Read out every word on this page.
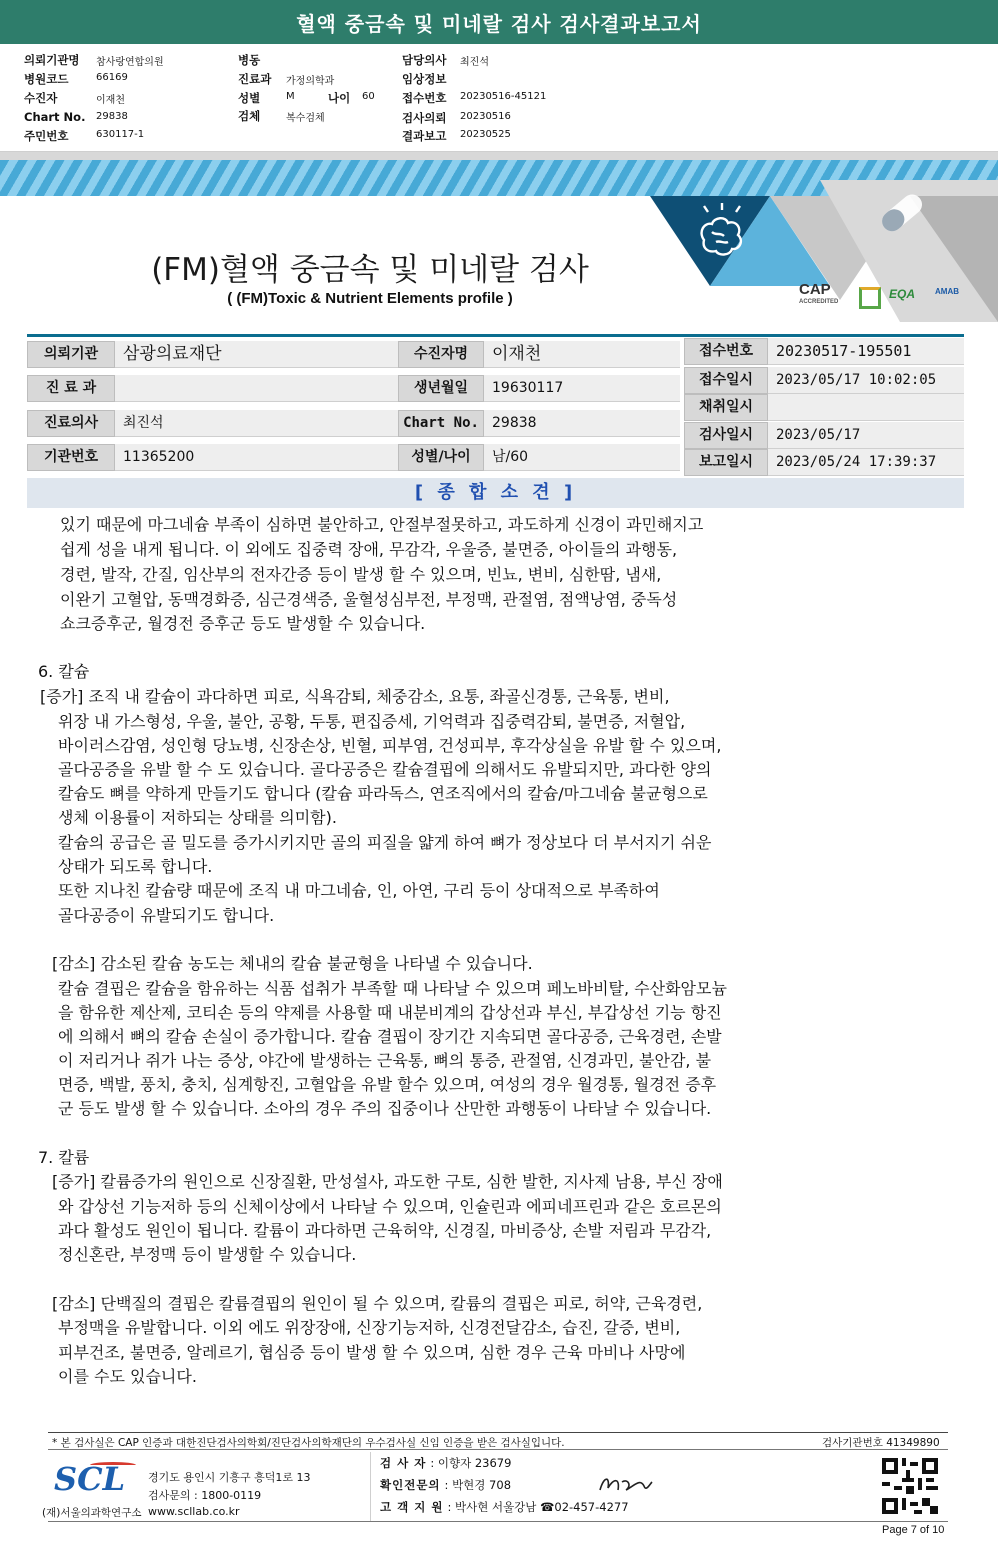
혈액 중금속 및 미네랄 검사 검사결과보고서
의뢰기관명 참사랑연합의원
병원코드	66169
수진자	이재천
Chart No. 29838
주민번호	630117-1
병동
진료과 가정의학과
성별	M	나이 60
검체	복수검체
담당의사 최진석
임상정보
접수번호 20230516-45121
검사의뢰 20230516
결과보고 20230525
(FM)혈액 중금속 및 미네랄 검사
( (FM)Toxic & Nutrient Elements profile )
CAP
ACCREDITED
EQA AMAB
의뢰기관	삼광의료재단
진 료 과
진료의사	최진석
기관번호	11365200
수진자명	이재천
생년월일	19630117
Chart No. 29838
성별/나이	남/60
접수번호	20230517-195501
접수일시	2023/05/17 10:02:05
채취일시
검사일시	2023/05/17
보고일시	2023/05/24 17:39:37
[ 종 합 소 견 ]
있기 때문에 마그네슘 부족이 심하면 불안하고, 안절부절못하고, 과도하게 신경이 과민해지고
쉽게 성을 내게 됩니다. 이 외에도 집중력 장애, 무감각, 우울증, 불면증, 아이들의 과행동,
경련, 발작, 간질, 임산부의 전자간증 등이 발생 할 수 있으며, 빈뇨, 변비, 심한땀, 냄새,
이완기 고혈압, 동맥경화증, 심근경색증, 울혈성심부전, 부정맥, 관절염, 점액낭염, 중독성
쇼크증후군, 월경전 증후군 등도 발생할 수 있습니다.
6. 칼슘
[증가] 조직 내 칼슘이 과다하면 피로, 식욕감퇴, 체중감소, 요통, 좌골신경통, 근육통, 변비,
위장 내 가스형성, 우울, 불안, 공황, 두통, 편집증세, 기억력과 집중력감퇴, 불면증, 저혈압,
바이러스감염, 성인형 당뇨병, 신장손상, 빈혈, 피부염, 건성피부, 후각상실을 유발 할 수 있으며,
골다공증을 유발 할 수 도 있습니다. 골다공증은 칼슘결핍에 의해서도 유발되지만, 과다한 양의
칼슘도 뼈를 약하게 만들기도 합니다 (칼슘 파라독스, 연조직에서의 칼슘/마그네슘 불균형으로
생체 이용률이 저하되는 상태를 의미함).
칼슘의 공급은 골 밀도를 증가시키지만 골의 피질을 얇게 하여 뼈가 정상보다 더 부서지기 쉬운
상태가 되도록 합니다.
또한 지나친 칼슘량 때문에 조직 내 마그네슘, 인, 아연, 구리 등이 상대적으로 부족하여
골다공증이 유발되기도 합니다.
[감소] 감소된 칼슘 농도는 체내의 칼슘 불균형을 나타낼 수 있습니다.
칼슘 결핍은 칼슘을 함유하는 식품 섭취가 부족할 때 나타날 수 있으며 페노바비탈, 수산화암모늄
을 함유한 제산제, 코티손 등의 약제를 사용할 때 내분비계의 갑상선과 부신, 부갑상선 기능 항진
에 의해서 뼈의 칼슘 손실이 증가합니다. 칼슘 결핍이 장기간 지속되면 골다공증, 근육경련, 손발
이 저리거나 쥐가 나는 증상, 야간에 발생하는 근육통, 뼈의 통증, 관절염, 신경과민, 불안감, 불
면증, 백발, 풍치, 충치, 심계항진, 고혈압을 유발 할수 있으며, 여성의 경우 월경통, 월경전 증후
군 등도 발생 할 수 있습니다. 소아의 경우 주의 집중이나 산만한 과행동이 나타날 수 있습니다.
7. 칼륨
[증가] 칼륨증가의 원인으로 신장질환, 만성설사, 과도한 구토, 심한 발한, 지사제 남용, 부신 장애
와 갑상선 기능저하 등의 신체이상에서 나타날 수 있으며, 인슐린과 에피네프린과 같은 호르몬의
과다 활성도 원인이 됩니다. 칼륨이 과다하면 근육허약, 신경질, 마비증상, 손발 저림과 무감각,
정신혼란, 부정맥 등이 발생할 수 있습니다.
[감소] 단백질의 결핍은 칼륨결핍의 원인이 될 수 있으며, 칼륨의 결핍은 피로, 허약, 근육경련,
부정맥을 유발합니다. 이외 에도 위장장애, 신장기능저하, 신경전달감소, 습진, 갈증, 변비,
피부건조, 불면증, 알레르기, 협심증 등이 발생 할 수 있으며, 심한 경우 근육 마비나 사망에
이를 수도 있습니다.
* 본 검사실은 CAP 인증과 대한진단검사의학회/진단검사의학재단의 우수검사실 신임 인증을 받은 검사실입니다.	검사기관번호 41349890
SCL
(재)서울의과학연구소
경기도 용인시 기흥구 흥덕1로 13
검사문의 : 1800-0119
www.scllab.co.kr
검 사 자 : 이향자 23679
확인전문의 : 박현경 708
고 객 지 원 : 박사현 서울강남 ☎02-457-4277
Page 7 of 10
